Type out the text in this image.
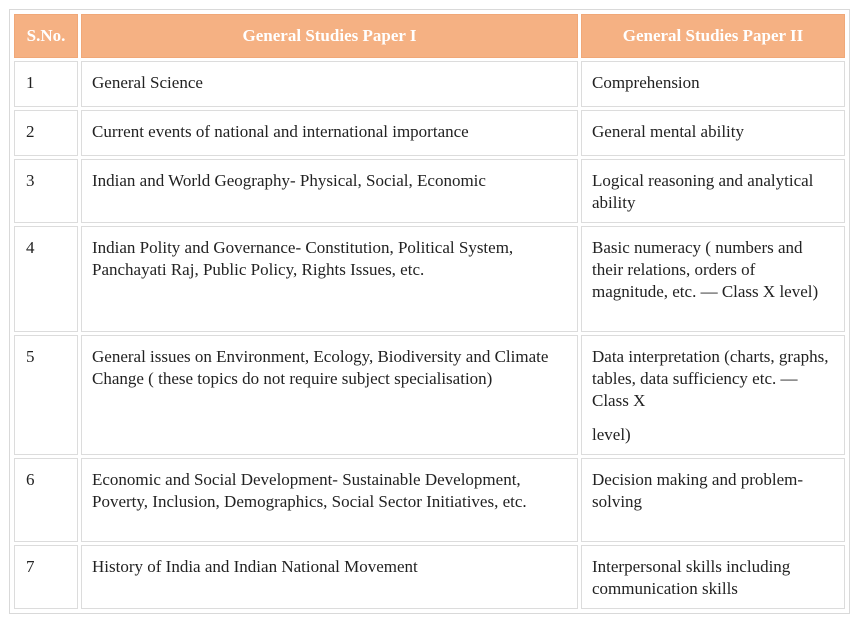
S.No.	General Studies Paper I	General Studies Paper II
1	General Science	Comprehension
2	Current events of national and international importance	General mental ability
3	Indian and World Geography- Physical, Social, Economic	Logical reasoning and analytical ability
4	Indian Polity and Governance- Constitution, Political System, Panchayati Raj, Public Policy, Rights Issues, etc.	Basic numeracy ( numbers and their relations, orders of magnitude, etc. — Class X level)
5	General issues on Environment, Ecology, Biodiversity and Climate Change ( these topics do not require subject specialisation)	Data interpretation (charts, graphs, tables, data sufficiency etc. — Class X
level)

6	Economic and Social Development- Sustainable Development, Poverty, Inclusion, Demographics, Social Sector Initiatives, etc.	Decision making and problem-solving
7	History of India and Indian National Movement	Interpersonal skills including communication skills
